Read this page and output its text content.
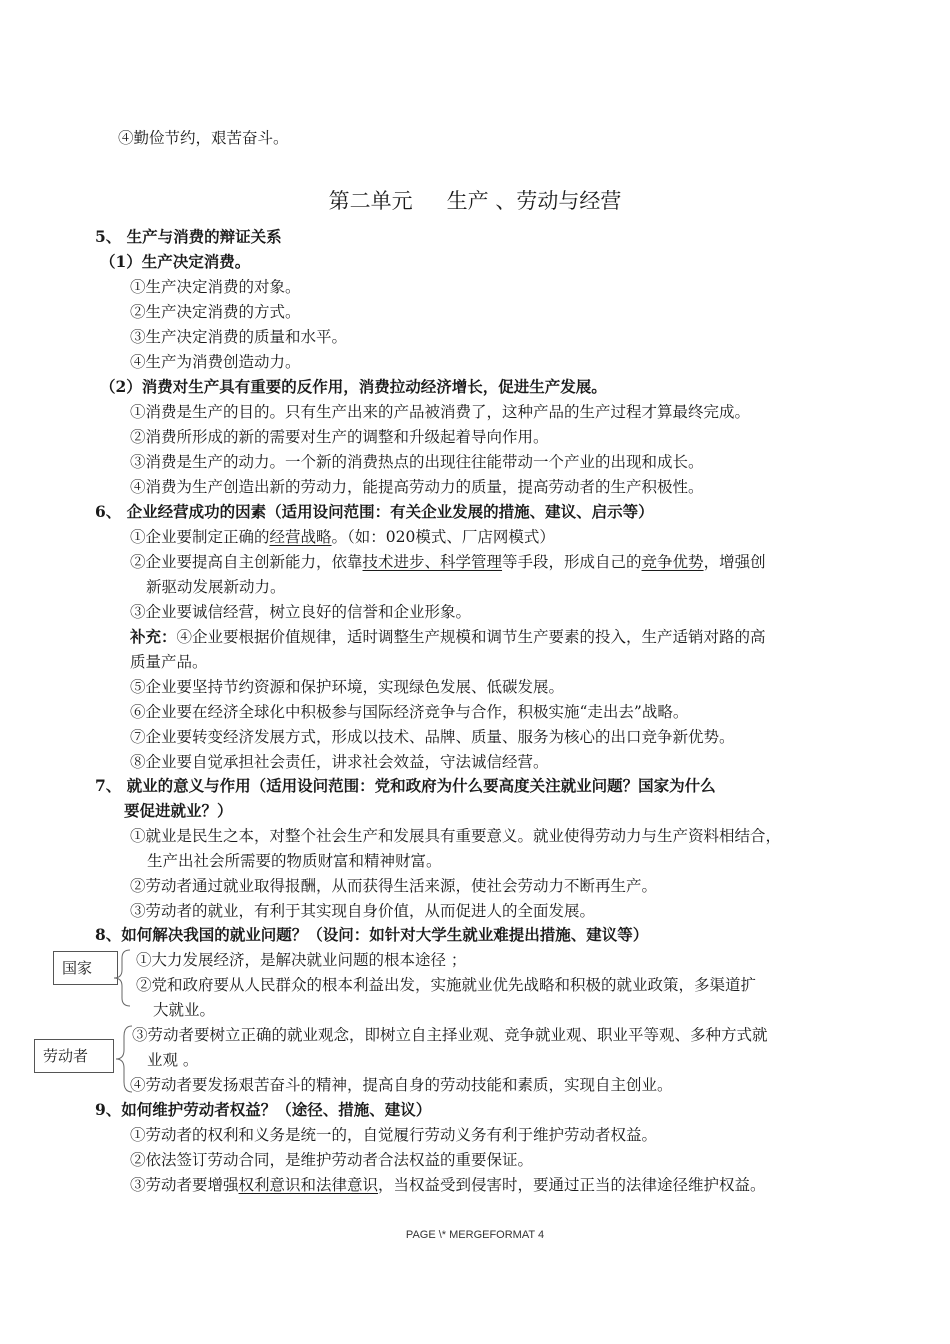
④勤俭节约，艰苦奋斗。
第二单元 生产 、劳动与经营
5、 生产与消费的辩证关系
（1）生产决定消费。
①生产决定消费的对象。
②生产决定消费的方式。
③生产决定消费的质量和水平。
④生产为消费创造动力。
（2）消费对生产具有重要的反作用，消费拉动经济增长，促进生产发展。
①消费是生产的目的。只有生产出来的产品被消费了，这种产品的生产过程才算最终完成。
②消费所形成的新的需要对生产的调整和升级起着导向作用。
③消费是生产的动力。一个新的消费热点的出现往往能带动一个产业的出现和成长。
④消费为生产创造出新的劳动力，能提高劳动力的质量，提高劳动者的生产积极性。
6、 企业经营成功的因素（适用设问范围：有关企业发展的措施、建议、启示等）
①企业要制定正确的经营战略。（如：020模式、厂店网模式）
②企业要提高自主创新能力，依靠技术进步、科学管理等手段，形成自己的竞争优势，增强创
新驱动发展新动力。
③企业要诚信经营，树立良好的信誉和企业形象。
补充：④企业要根据价值规律，适时调整生产规模和调节生产要素的投入，生产适销对路的高
质量产品。
⑤企业要坚持节约资源和保护环境，实现绿色发展、低碳发展。
⑥企业要在经济全球化中积极参与国际经济竞争与合作，积极实施“走出去”战略。
⑦企业要转变经济发展方式，形成以技术、品牌、质量、服务为核心的出口竞争新优势。
⑧企业要自觉承担社会责任，讲求社会效益，守法诚信经营。
7、 就业的意义与作用（适用设问范围：党和政府为什么要高度关注就业问题？国家为什么
要促进就业？）
①就业是民生之本，对整个社会生产和发展具有重要意义。就业使得劳动力与生产资料相结合，
生产出社会所需要的物质财富和精神财富。
②劳动者通过就业取得报酬，从而获得生活来源，使社会劳动力不断再生产。
③劳动者的就业，有利于其实现自身价值，从而促进人的全面发展。
8、如何解决我国的就业问题？（设问：如针对大学生就业难提出措施、建议等）
国家
劳动者
①大力发展经济，是解决就业问题的根本途径 ；
②党和政府要从人民群众的根本利益出发，实施就业优先战略和积极的就业政策，多渠道扩
大就业。
③劳动者要树立正确的就业观念，即树立自主择业观、竞争就业观、职业平等观、多种方式就
业观 。
④劳动者要发扬艰苦奋斗的精神，提高自身的劳动技能和素质，实现自主创业。
9、如何维护劳动者权益？（途径、措施、建议）
①劳动者的权利和义务是统一的，自觉履行劳动义务有利于维护劳动者权益。
②依法签订劳动合同，是维护劳动者合法权益的重要保证。
③劳动者要增强权利意识和法律意识，当权益受到侵害时，要通过正当的法律途径维护权益。
PAGE \* MERGEFORMAT 4
